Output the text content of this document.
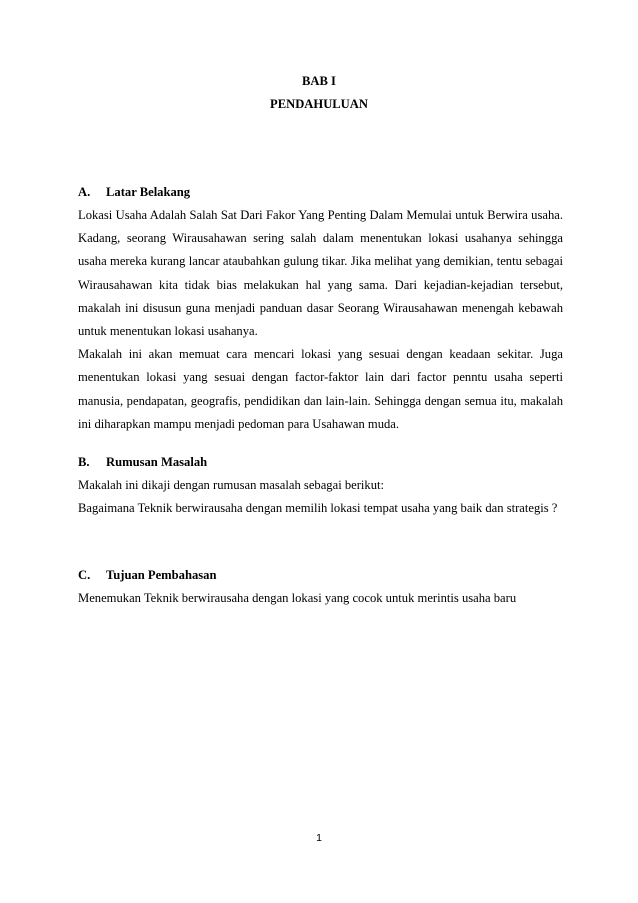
BAB I
PENDAHULUAN
A. Latar Belakang

Lokasi Usaha Adalah Salah Sat Dari Fakor Yang Penting Dalam Memulai untuk Berwira usaha. Kadang, seorang Wirausahawan sering salah dalam menentukan lokasi usahanya sehingga usaha mereka kurang lancar ataubahkan gulung tikar. Jika melihat yang demikian, tentu sebagai Wirausahawan kita tidak bias melakukan hal yang sama. Dari kejadian-kejadian tersebut, makalah ini disusun guna menjadi panduan dasar Seorang Wirausahawan menengah kebawah untuk menentukan lokasi usahanya.

Makalah ini akan memuat cara mencari lokasi yang sesuai dengan keadaan sekitar. Juga menentukan lokasi yang sesuai dengan factor-faktor lain dari factor penntu usaha seperti manusia, pendapatan, geografis, pendidikan dan lain-lain. Sehingga dengan semua itu, makalah ini diharapkan mampu menjadi pedoman para Usahawan muda.

B. Rumusan Masalah

Makalah ini dikaji dengan rumusan masalah sebagai berikut:

Bagaimana Teknik berwirausaha dengan memilih lokasi tempat usaha yang baik dan strategis ?

C. Tujuan Pembahasan

Menemukan Teknik berwirausaha dengan lokasi yang cocok untuk merintis usaha baru

1
